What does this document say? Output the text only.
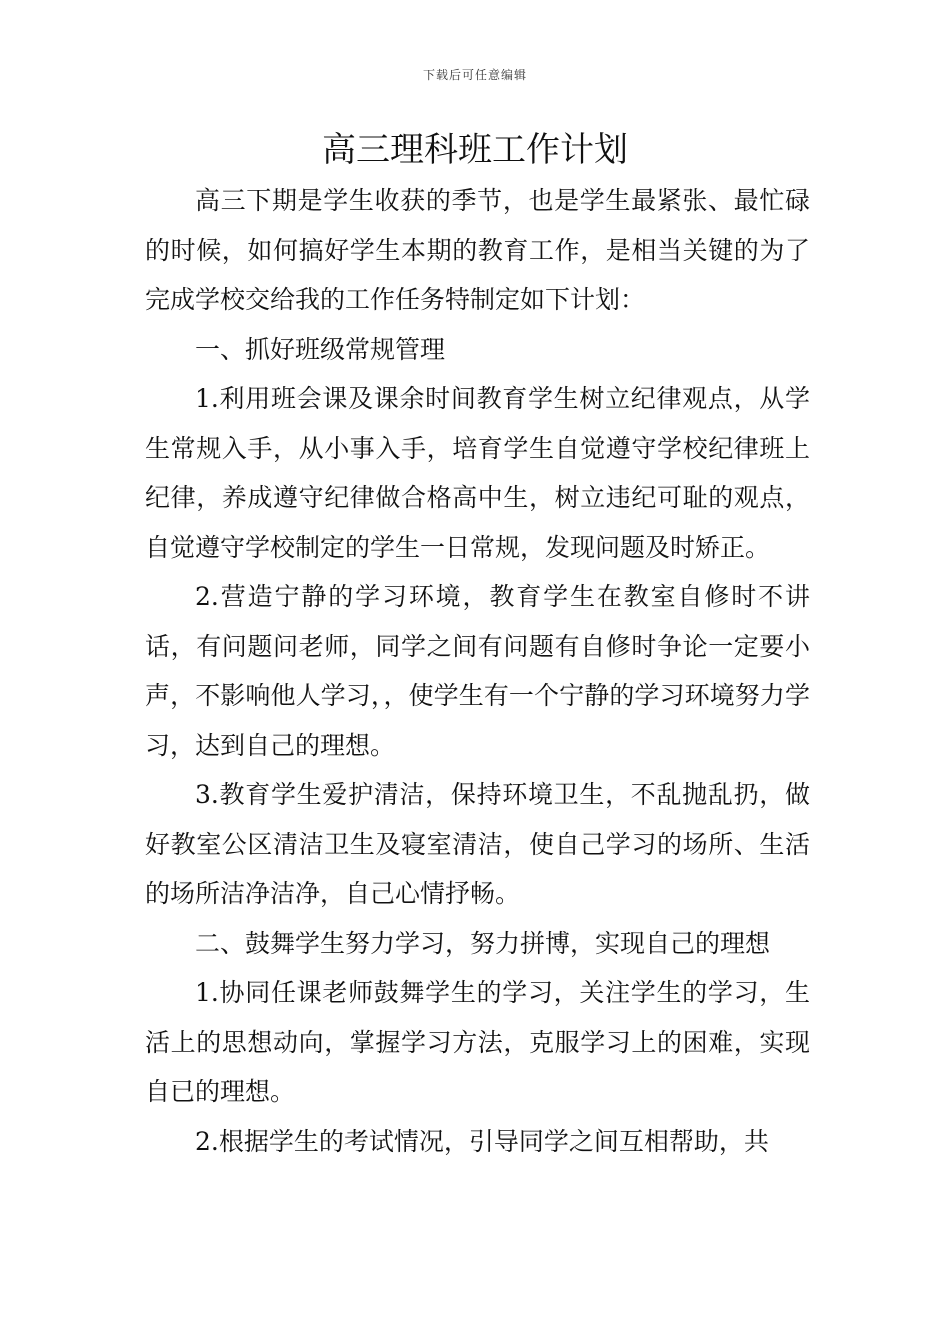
下载后可任意编辑
高三理科班工作计划

高三下期是学生收获的季节，也是学生最紧张、最忙碌的时候，如何搞好学生本期的教育工作，是相当关键的为了完成学校交给我的工作任务特制定如下计划：

一、抓好班级常规管理

1.利用班会课及课余时间教育学生树立纪律观点，从学生常规入手，从小事入手，培育学生自觉遵守学校纪律班上纪律，养成遵守纪律做合格高中生，树立违纪可耻的观点，自觉遵守学校制定的学生一日常规，发现问题及时矫正。

2.营造宁静的学习环境，教育学生在教室自修时不讲话，有问题问老师，同学之间有问题有自修时争论一定要小声，不影响他人学习，，使学生有一个宁静的学习环境努力学习，达到自己的理想。

3.教育学生爱护清洁，保持环境卫生，不乱抛乱扔，做好教室公区清洁卫生及寝室清洁，使自己学习的场所、生活的场所洁净洁净，自己心情抒畅。

二、鼓舞学生努力学习，努力拼博，实现自己的理想

1.协同任课老师鼓舞学生的学习，关注学生的学习，生活上的思想动向，掌握学习方法，克服学习上的困难，实现自已的理想。

2.根据学生的考试情况，引导同学之间互相帮助，共
